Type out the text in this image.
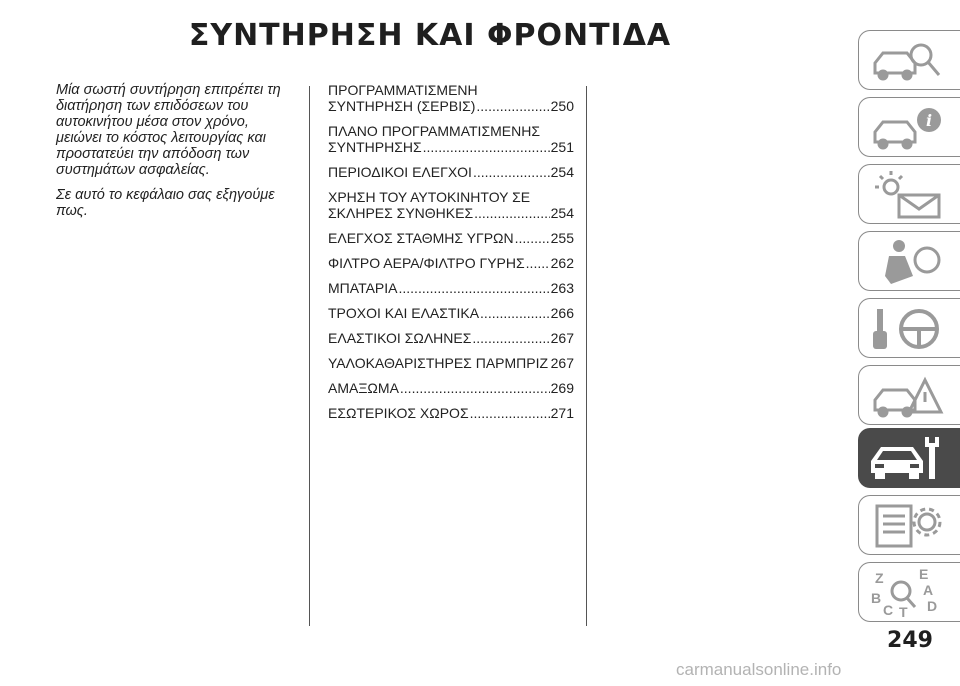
ΣΥΝΤΗΡΗΣΗ ΚΑΙ ΦΡΟΝΤΙΔΑ

Μία σωστή συντήρηση επιτρέπει τη διατήρηση των επιδόσεων του αυτοκινήτου μέσα στον χρόνο, μειώνει το κόστος λειτουργίας και προστατεύει την απόδοση των συστημάτων ασφαλείας.

Σε αυτό το κεφάλαιο σας εξηγούμε πως.

ΠΡΟΓΡΑΜΜΑΤΙΣΜΕΝΗ
ΣΥΝΤΗΡΗΣΗ (ΣΕΡΒΙΣ) .....	250
ΠΛΑΝΟ ΠΡΟΓΡΑΜΜΑΤΙΣΜΕΝΗΣ
ΣΥΝΤΗΡΗΣΗΣ .....	251
ΠΕΡΙΟΔΙΚΟΙ ΕΛΕΓΧΟΙ .....	254
ΧΡΗΣΗ ΤΟΥ ΑΥΤΟΚΙΝΗΤΟΥ ΣΕ
ΣΚΛΗΡΕΣ ΣΥΝΘΗΚΕΣ .....	254
ΕΛΕΓΧΟΣ ΣΤΑΘΜΗΣ ΥΓΡΩΝ .....	255
ΦΙΛΤΡΟ ΑΕΡΑ/ΦΙΛΤΡΟ ΓΥΡΗΣ ..... 262
ΜΠΑΤΑΡΙΑ .....	263
ΤΡΟΧΟΙ ΚΑΙ ΕΛΑΣΤΙΚΑ .....	266
ΕΛΑΣΤΙΚΟΙ ΣΩΛΗΝΕΣ .....	267
ΥΑΛΟΚΑΘΑΡΙΣΤΗΡΕΣ ΠΑΡΜΠΡΙΖ ..... 267
ΑΜΑΞΩΜΑ .....	269
ΕΣΩΤΕΡΙΚΟΣ ΧΩΡΟΣ .....	271
i
Z	E
A
B
C T D
249
carmanualsonline.info
